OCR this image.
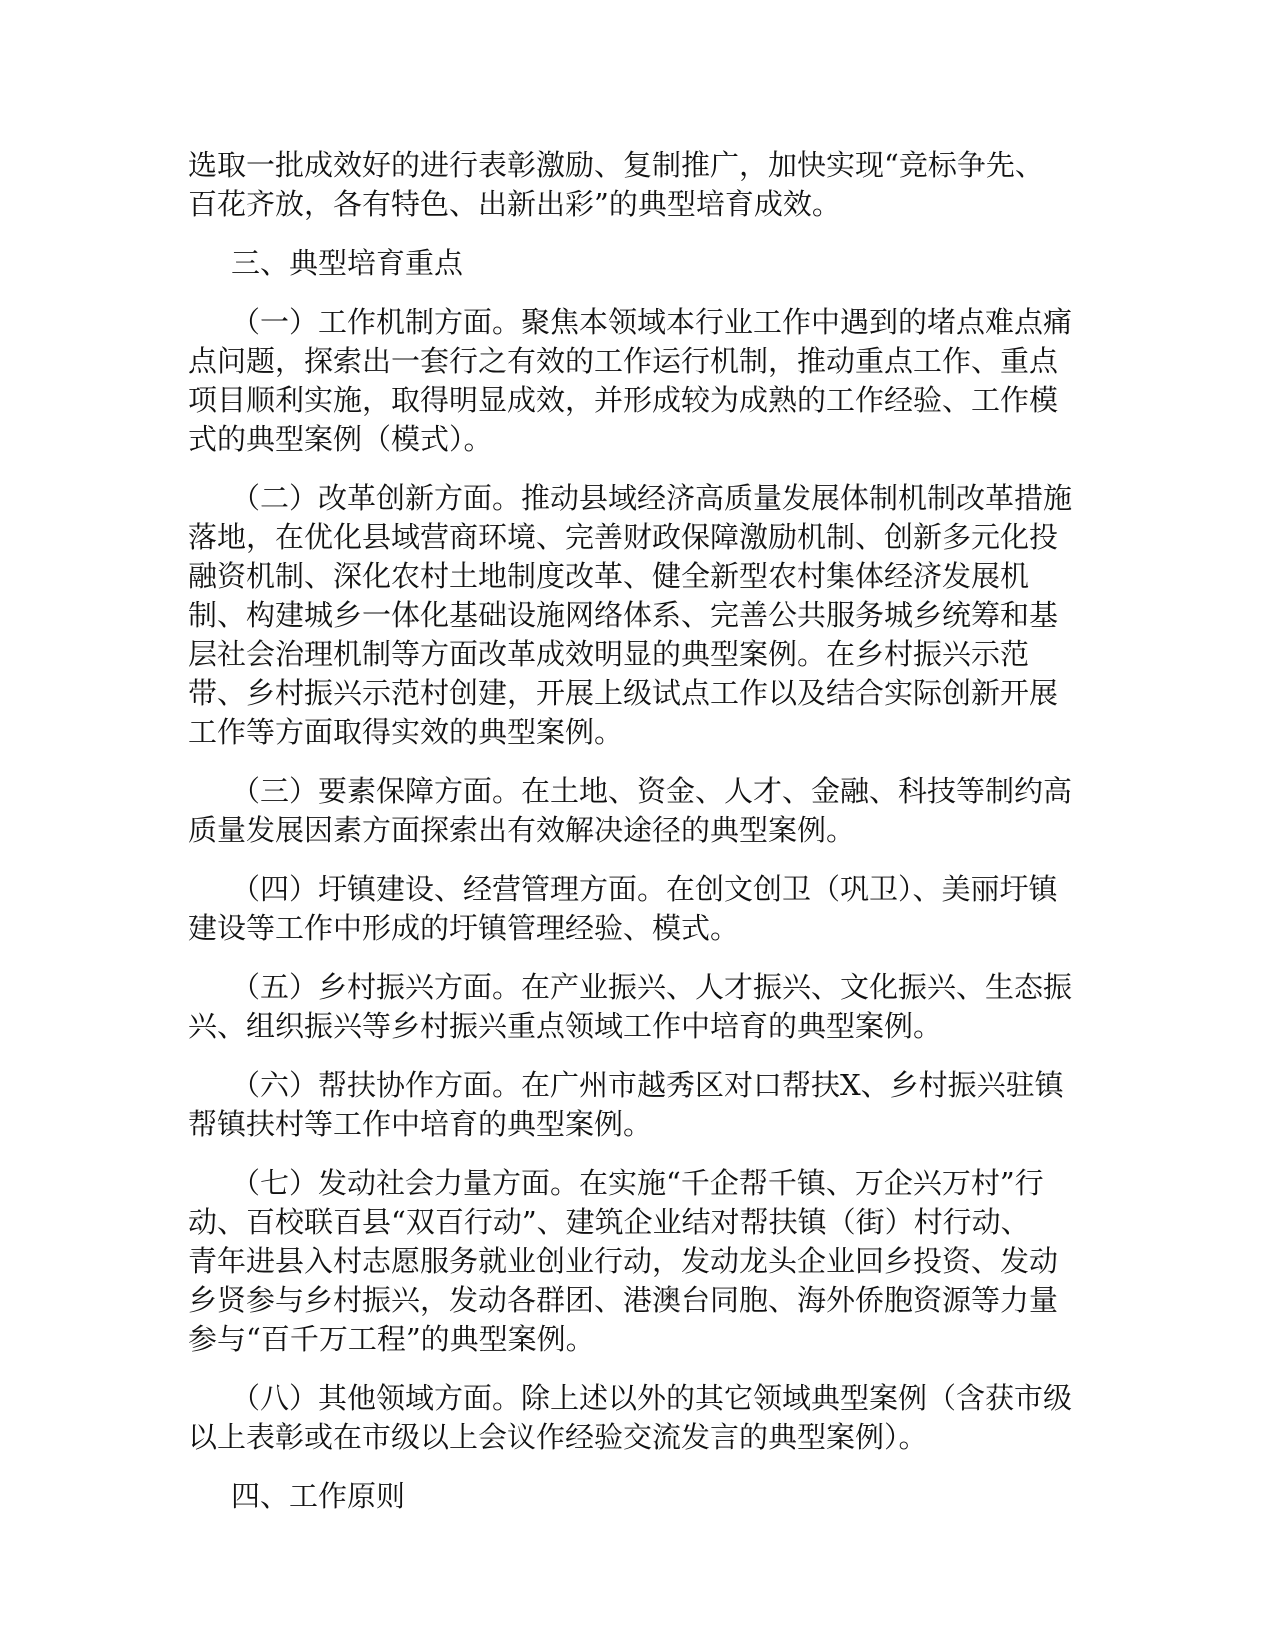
选取一批成效好的进行表彰激励、复制推广，加快实现“竞标争先、
百花齐放，各有特色、出新出彩”的典型培育成效。
三、典型培育重点
（一）工作机制方面。聚焦本领域本行业工作中遇到的堵点难点痛
点问题，探索出一套行之有效的工作运行机制，推动重点工作、重点
项目顺利实施，取得明显成效，并形成较为成熟的工作经验、工作模
式的典型案例（模式）。
（二）改革创新方面。推动县域经济高质量发展体制机制改革措施
落地，在优化县域营商环境、完善财政保障激励机制、创新多元化投
融资机制、深化农村土地制度改革、健全新型农村集体经济发展机
制、构建城乡一体化基础设施网络体系、完善公共服务城乡统筹和基
层社会治理机制等方面改革成效明显的典型案例。在乡村振兴示范
带、乡村振兴示范村创建，开展上级试点工作以及结合实际创新开展
工作等方面取得实效的典型案例。
（三）要素保障方面。在土地、资金、人才、金融、科技等制约高
质量发展因素方面探索出有效解决途径的典型案例。
（四）圩镇建设、经营管理方面。在创文创卫（巩卫）、美丽圩镇
建设等工作中形成的圩镇管理经验、模式。
（五）乡村振兴方面。在产业振兴、人才振兴、文化振兴、生态振
兴、组织振兴等乡村振兴重点领域工作中培育的典型案例。
（六）帮扶协作方面。在广州市越秀区对口帮扶X、乡村振兴驻镇
帮镇扶村等工作中培育的典型案例。
（七）发动社会力量方面。在实施“千企帮千镇、万企兴万村”行
动、百校联百县“双百行动”、建筑企业结对帮扶镇（街）村行动、
青年进县入村志愿服务就业创业行动，发动龙头企业回乡投资、发动
乡贤参与乡村振兴，发动各群团、港澳台同胞、海外侨胞资源等力量
参与“百千万工程”的典型案例。
（八）其他领域方面。除上述以外的其它领域典型案例（含获市级
以上表彰或在市级以上会议作经验交流发言的典型案例）。
四、工作原则
